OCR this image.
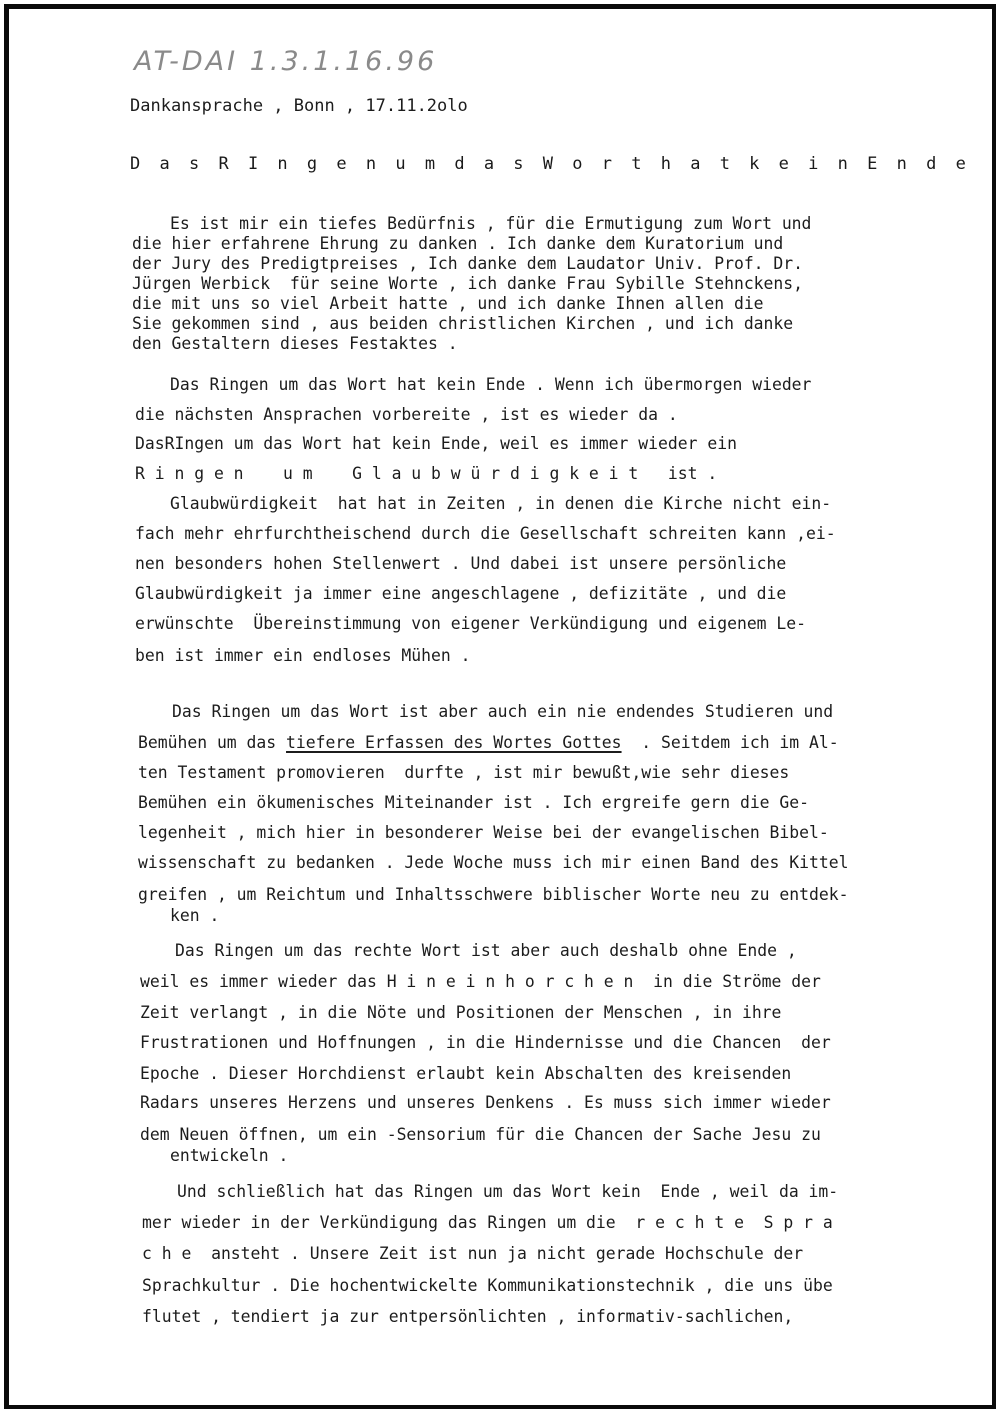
AT-DAI 1.3.1.16.96
Dankansprache , Bonn , 17.11.2olo
D a s R I n g e n u m d a s W o r t h a t k e i n E n d e
Es ist mir ein tiefes Bedürfnis , für die Ermutigung zum Wort und
die hier erfahrene Ehrung zu danken . Ich danke dem Kuratorium und
der Jury des Predigtpreises , Ich danke dem Laudator Univ. Prof. Dr.
Jürgen Werbick  für seine Worte , ich danke Frau Sybille Stehnckens,
die mit uns so viel Arbeit hatte , und ich danke Ihnen allen die
Sie gekommen sind , aus beiden christlichen Kirchen , und ich danke
den Gestaltern dieses Festaktes .
Das Ringen um das Wort hat kein Ende . Wenn ich übermorgen wieder
die nächsten Ansprachen vorbereite , ist es wieder da .
DasRIngen um das Wort hat kein Ende, weil es immer wieder ein
R i n g e n    u m    G l a u b w ü r d i g k e i t   ist .
Glaubwürdigkeit  hat hat in Zeiten , in denen die Kirche nicht ein-
fach mehr ehrfurchtheischend durch die Gesellschaft schreiten kann ,ei-
nen besonders hohen Stellenwert . Und dabei ist unsere persönliche
Glaubwürdigkeit ja immer eine angeschlagene , defizitäte , und die
erwünschte  Übereinstimmung von eigener Verkündigung und eigenem Le-
ben ist immer ein endloses Mühen .
Das Ringen um das Wort ist aber auch ein nie endendes Studieren und
Bemühen um das tiefere Erfassen des Wortes Gottes  . Seitdem ich im Al-
ten Testament promovieren  durfte , ist mir bewußt,wie sehr dieses
Bemühen ein ökumenisches Miteinander ist . Ich ergreife gern die Ge-
legenheit , mich hier in besonderer Weise bei der evangelischen Bibel-
wissenschaft zu bedanken . Jede Woche muss ich mir einen Band des Kittel
greifen , um Reichtum und Inhaltsschwere biblischer Worte neu zu entdek-
ken .
Das Ringen um das rechte Wort ist aber auch deshalb ohne Ende ,
weil es immer wieder das H i n e i n h o r c h e n  in die Ströme der
Zeit verlangt , in die Nöte und Positionen der Menschen , in ihre
Frustrationen und Hoffnungen , in die Hindernisse und die Chancen  der
Epoche . Dieser Horchdienst erlaubt kein Abschalten des kreisenden
Radars unseres Herzens und unseres Denkens . Es muss sich immer wieder
dem Neuen öffnen, um ein -Sensorium für die Chancen der Sache Jesu zu
entwickeln .
Und schließlich hat das Ringen um das Wort kein  Ende , weil da im-
mer wieder in der Verkündigung das Ringen um die  r e c h t e  S p r a
c h e  ansteht . Unsere Zeit ist nun ja nicht gerade Hochschule der
Sprachkultur . Die hochentwickelte Kommunikationstechnik , die uns übe
flutet , tendiert ja zur entpersönlichten , informativ-sachlichen,
